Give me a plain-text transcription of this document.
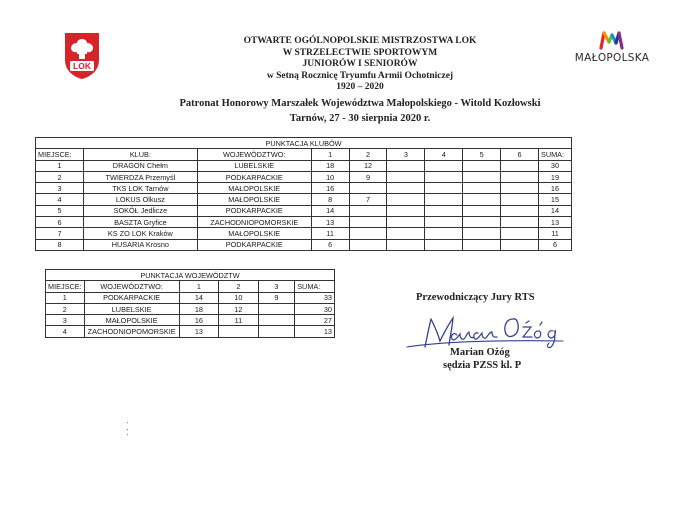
LOK
MAŁOPOLSKA
OTWARTE OGÓLNOPOLSKIE MISTRZOSTWA LOK
W STRZELECTWIE SPORTOWYM
JUNIORÓW I SENIORÓW
w Setną Rocznicę Tryumfu Armii Ochotniczej
1920 – 2020
Patronat Honorowy Marszałek Województwa Małopolskiego - Witold Kozłowski
Tarnów, 27 - 30 sierpnia 2020 r.
PUNKTACJA KLUBÓW									
MIEJSCE:	KLUB:	WOJEWÓDZTWO:	1	2	3	4	5	6	SUMA:
1	DRAGON Chełm	LUBELSKIE	18	12					30
2	TWIERDZA Przemyśl	PODKARPACKIE	10	9					19
3	TKS LOK Tarnów	MAŁOPOLSKIE	16						16
4	LOKUS Olkusz	MAŁOPOLSKIE	8	7					15
5	SOKÓŁ Jedlicze	PODKARPACKIE	14						14
6	BASZTA Gryfice	ZACHODNIOPOMORSKIE	13						13
7	KS ZO LOK Kraków	MAŁOPOLSKIE	11						11
8	HUSARIA Krosno	PODKARPACKIE	6						6
PUNKTACJA WOJEWÓDZTW					
MIEJSCE:	WOJEWÓDZTWO:	1	2	3	SUMA:
1	PODKARPACKIE	14	10	9	33
2	LUBELSKIE	18	12		30
3	MAŁOPOLSKIE	16	11		27
4	ZACHODNIOPOMORSKIE	13			13
Przewodniczący Jury RTS
Marian Ożóg
sędzia PZSS kl. P
